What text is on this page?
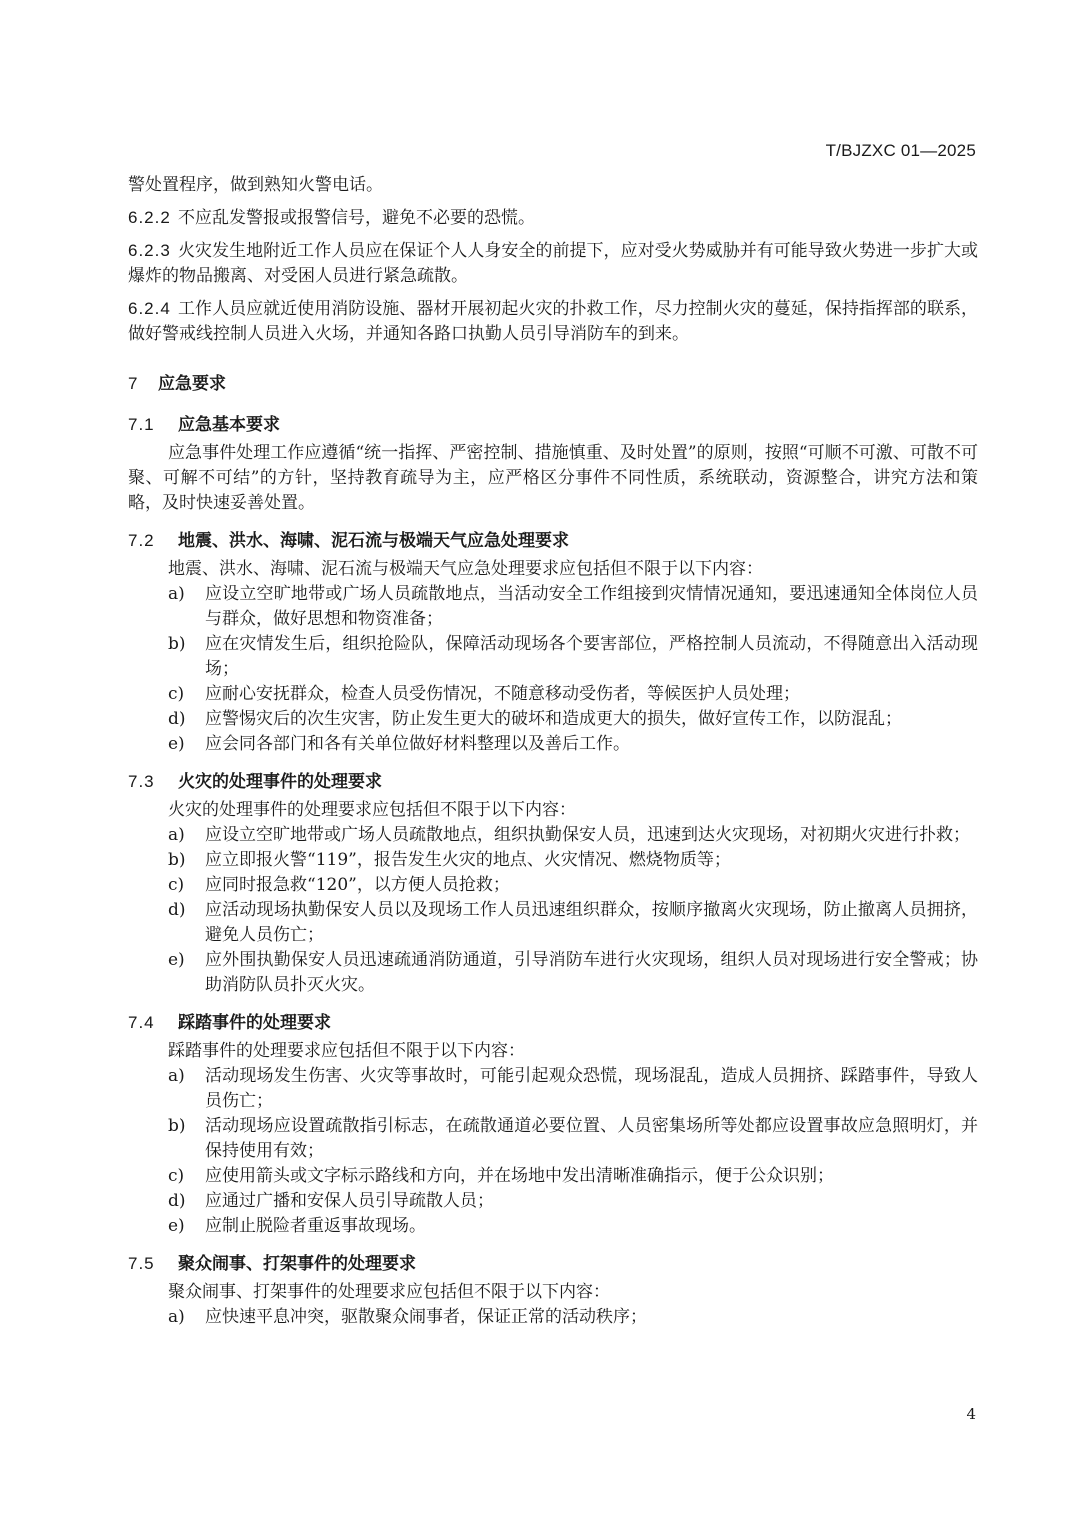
T/BJZXC 01—2025

警处置程序，做到熟知火警电话。

6.2.2 不应乱发警报或报警信号，避免不必要的恐慌。

6.2.3 火灾发生地附近工作人员应在保证个人人身安全的前提下，应对受火势威胁并有可能导致火势进一步扩大或爆炸的物品搬离、对受困人员进行紧急疏散。

6.2.4 工作人员应就近使用消防设施、器材开展初起火灾的扑救工作，尽力控制火灾的蔓延，保持指挥部的联系，做好警戒线控制人员进入火场，并通知各路口执勤人员引导消防车的到来。

7 应急要求
7.1 应急基本要求

应急事件处理工作应遵循“统一指挥、严密控制、措施慎重、及时处置”的原则，按照“可顺不可激、可散不可聚、可解不可结”的方针，坚持教育疏导为主，应严格区分事件不同性质，系统联动，资源整合，讲究方法和策略，及时快速妥善处置。

7.2 地震、洪水、海啸、泥石流与极端天气应急处理要求

地震、洪水、海啸、泥石流与极端天气应急处理要求应包括但不限于以下内容：

a) 应设立空旷地带或广场人员疏散地点，当活动安全工作组接到灾情情况通知，要迅速通知全体岗位人员与群众，做好思想和物资准备；

b) 应在灾情发生后，组织抢险队，保障活动现场各个要害部位，严格控制人员流动，不得随意出入活动现场；

c) 应耐心安抚群众，检查人员受伤情况，不随意移动受伤者，等候医护人员处理；

d) 应警惕灾后的次生灾害，防止发生更大的破坏和造成更大的损失，做好宣传工作，以防混乱；

e) 应会同各部门和各有关单位做好材料整理以及善后工作。

7.3 火灾的处理事件的处理要求

火灾的处理事件的处理要求应包括但不限于以下内容：

a) 应设立空旷地带或广场人员疏散地点，组织执勤保安人员，迅速到达火灾现场，对初期火灾进行扑救；

b) 应立即报火警“119”，报告发生火灾的地点、火灾情况、燃烧物质等；

c) 应同时报急救“120”，以方便人员抢救；

d) 应活动现场执勤保安人员以及现场工作人员迅速组织群众，按顺序撤离火灾现场，防止撤离人员拥挤，避免人员伤亡；

e) 应外围执勤保安人员迅速疏通消防通道，引导消防车进行火灾现场，组织人员对现场进行安全警戒；协助消防队员扑灭火灾。

7.4 踩踏事件的处理要求

踩踏事件的处理要求应包括但不限于以下内容：

a) 活动现场发生伤害、火灾等事故时，可能引起观众恐慌，现场混乱，造成人员拥挤、踩踏事件，导致人员伤亡；

b) 活动现场应设置疏散指引标志，在疏散通道必要位置、人员密集场所等处都应设置事故应急照明灯，并保持使用有效；

c) 应使用箭头或文字标示路线和方向，并在场地中发出清晰准确指示，便于公众识别；

d) 应通过广播和安保人员引导疏散人员；

e) 应制止脱险者重返事故现场。

7.5 聚众闹事、打架事件的处理要求

聚众闹事、打架事件的处理要求应包括但不限于以下内容：

a) 应快速平息冲突，驱散聚众闹事者，保证正常的活动秩序；

4
